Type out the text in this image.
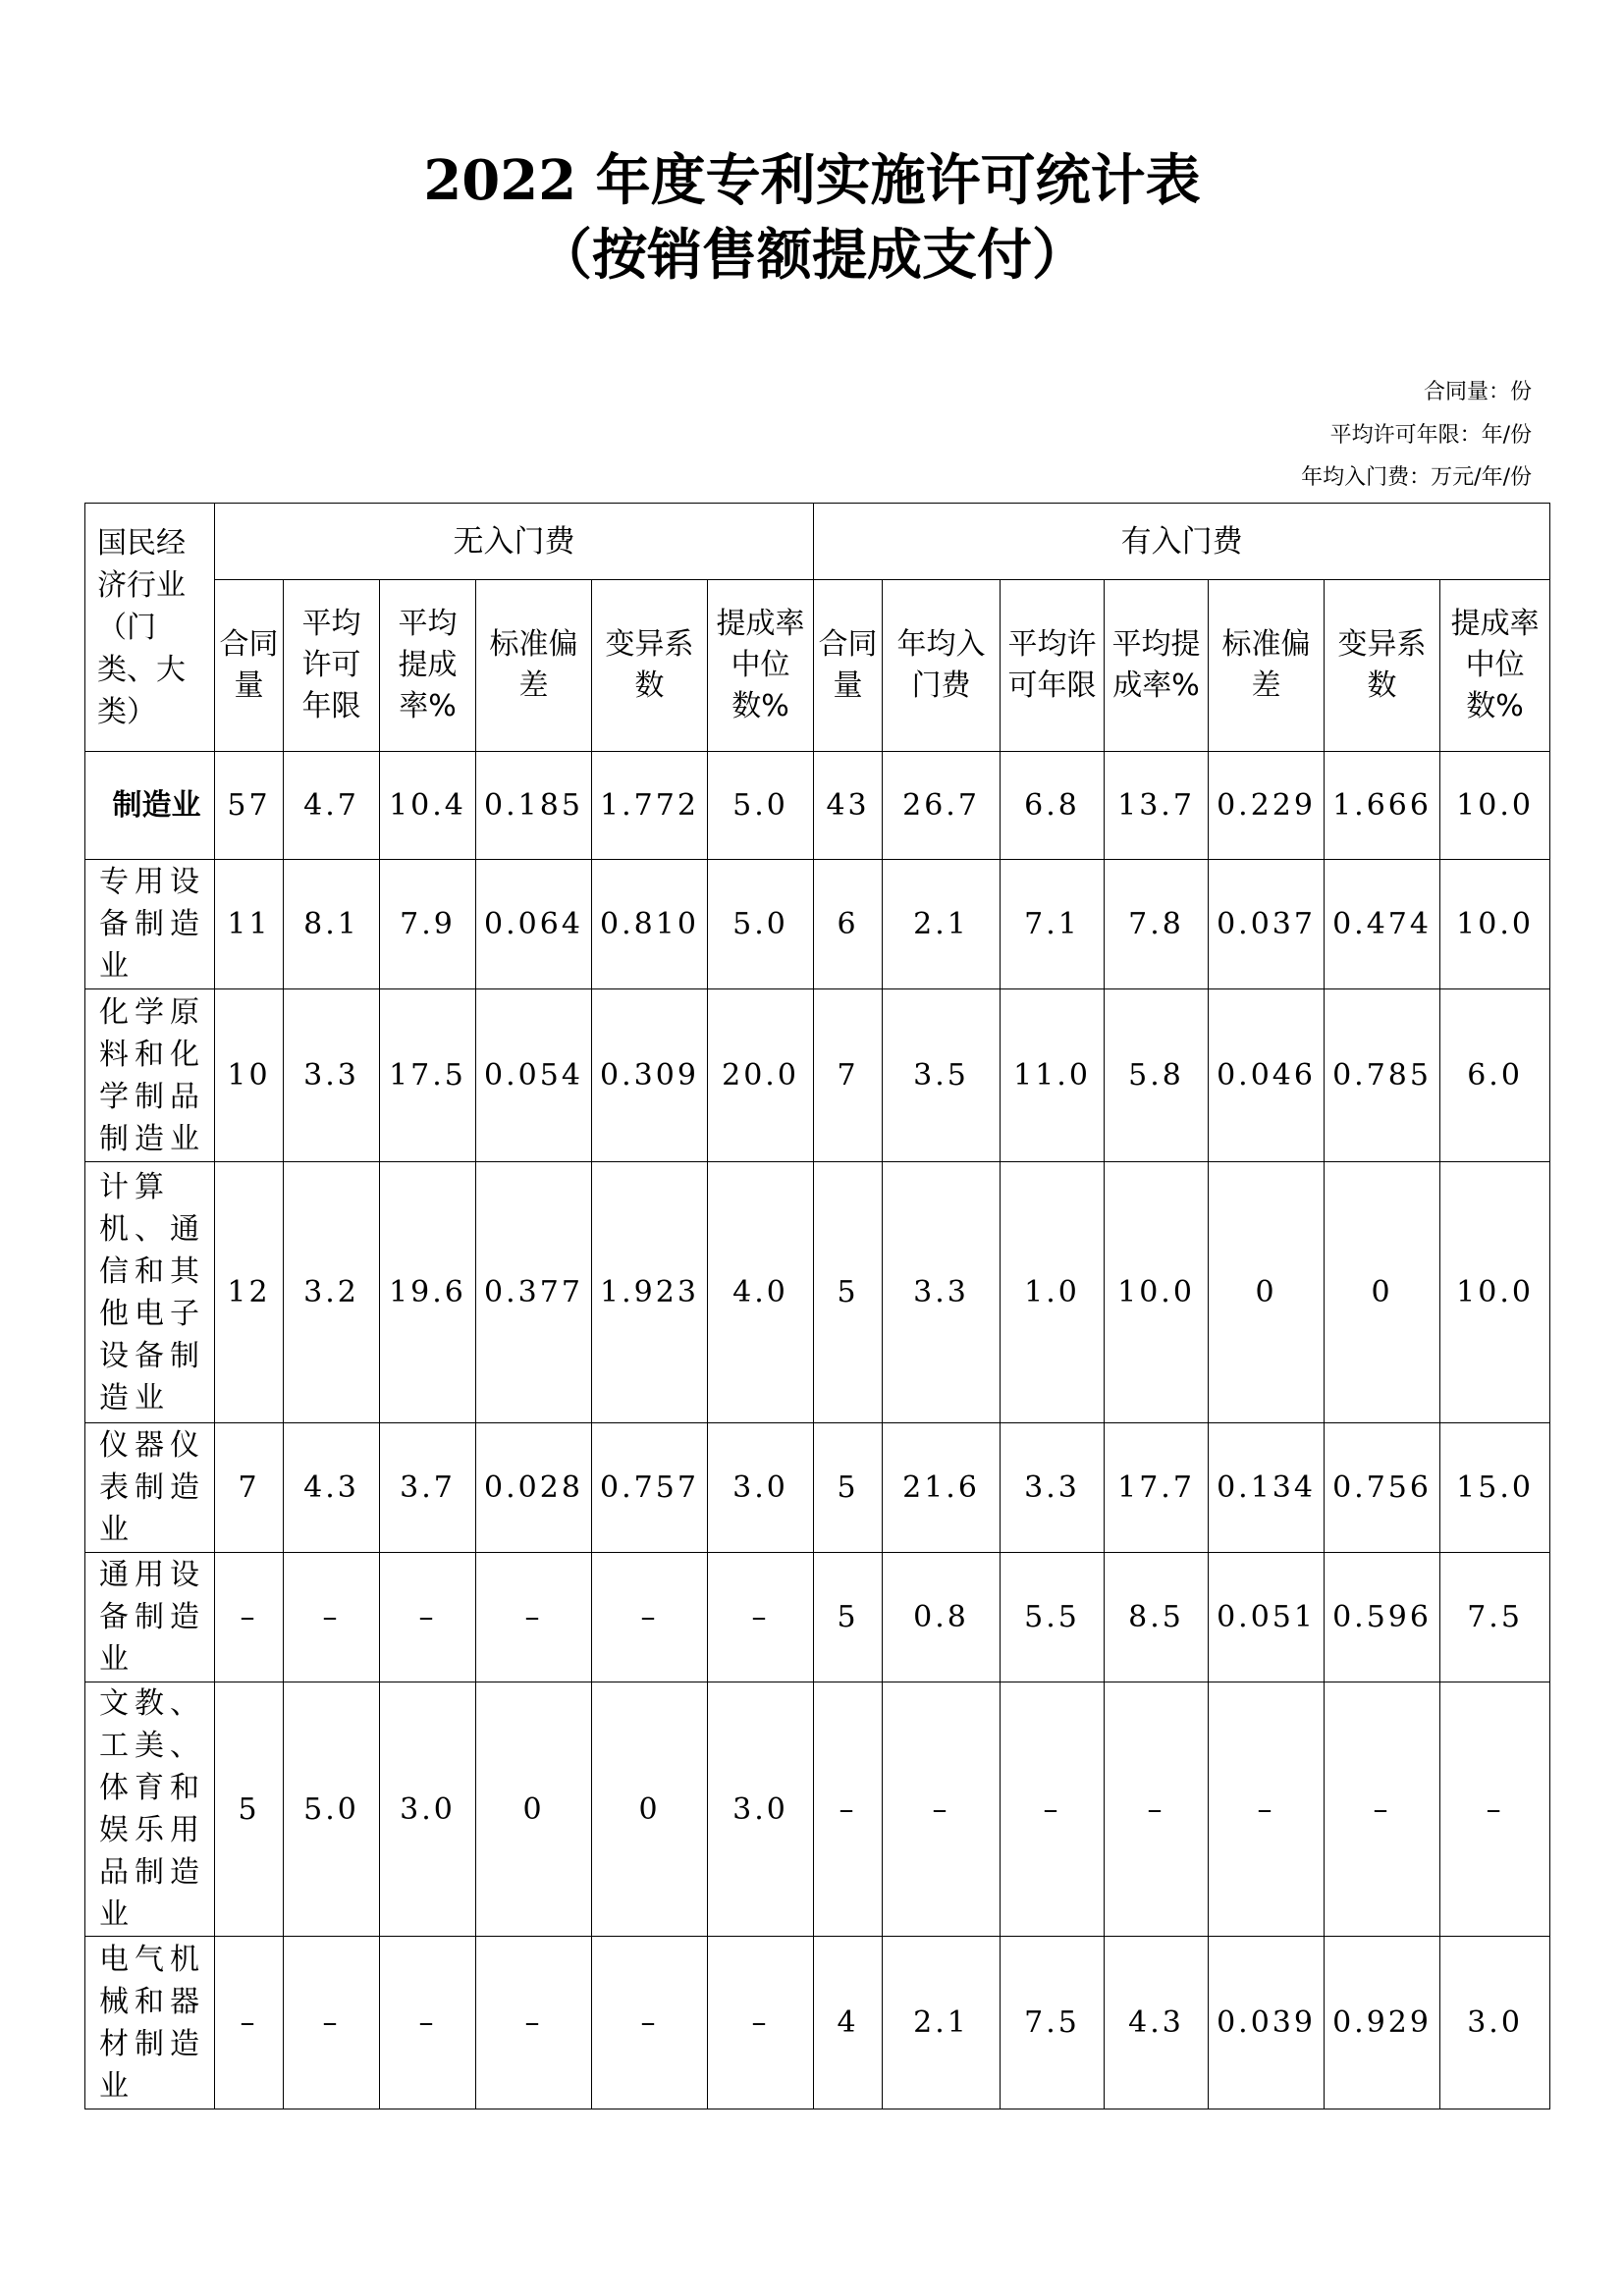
2022 年度专利实施许可统计表
（按销售额提成支付）
合同量：份
平均许可年限：年/份
年均入门费：万元/年/份
国民经济行业（门类、大类）	无入门费						有入门费						
	合同量	平均许可年限	平均提成率%	标准偏差	变异系数	提成率中位数%	合同量	年均入门费	平均许可年限	平均提成率%	标准偏差	变异系数	提成率中位数%
制造业	57	4.7	10.4	0.185	1.772	5.0	43	26.7	6.8	13.7	0.229	1.666	10.0
专用设备制造业	11	8.1	7.9	0.064	0.810	5.0	6	2.1	7.1	7.8	0.037	0.474	10.0
化学原料和化学制品制造业	10	3.3	17.5	0.054	0.309	20.0	7	3.5	11.0	5.8	0.046	0.785	6.0
计算机、通信和其他电子设备制造业	12	3.2	19.6	0.377	1.923	4.0	5	3.3	1.0	10.0	0	0	10.0
仪器仪表制造业	7	4.3	3.7	0.028	0.757	3.0	5	21.6	3.3	17.7	0.134	0.756	15.0
通用设备制造业	–	–	–	–	–	–	5	0.8	5.5	8.5	0.051	0.596	7.5
文教、工美、体育和娱乐用品制造业	5	5.0	3.0	0	0	3.0	–	–	–	–	–	–	–
电气机械和器材制造业	–	–	–	–	–	–	4	2.1	7.5	4.3	0.039	0.929	3.0
